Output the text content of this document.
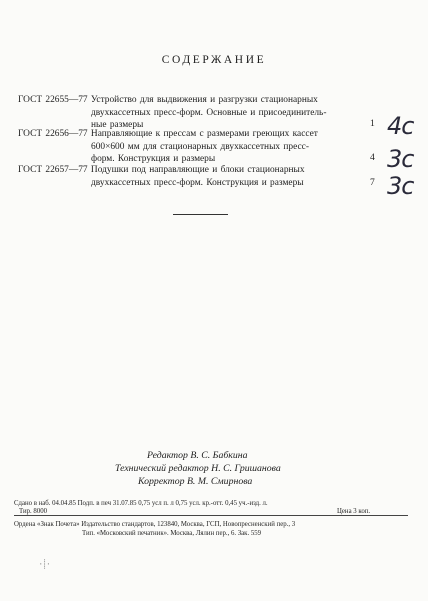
СОДЕРЖАНИЕ
ГОСТ 22655—77 Устройство для выдвижения и разгрузки стационарных
двухкассетных пресс-форм. Основные и присоединитель-
ные размеры	1 4с
ГОСТ 22656—77 Направляющие к прессам с размерами греющих кассет
600×600 мм для стационарных двухкассетных пресс-
форм. Конструкция и размеры	4 3с
ГОСТ 22657—77 Подушки под направляющие и блоки стационарных
двухкассетных пресс-форм. Конструкция и размеры	7 3с
Редактор В. С. Бабкина
Технический редактор Н. С. Гришанова
Корректор В. М. Смирнова
Сдано в наб. 04.04.85 Подп. в печ 31.07.85 0,75 усл п. л 0,75 усл. кр.-отт. 0,45 уч.-изд. л.
Тир. 8000	Цена 3 коп.
Ордена «Знак Почета» Издательство стандартов, 123840, Москва, ГСП, Новопресненский пер., 3
Тип. «Московский печатник». Москва, Лялин пер., 6. Зак. 559
·⸽·
